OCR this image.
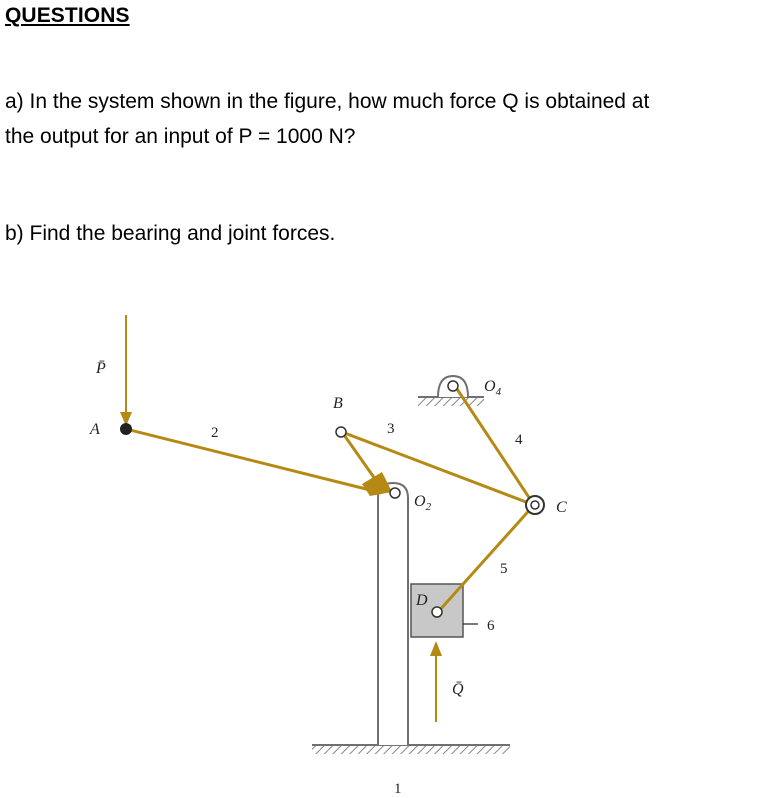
QUESTIONS
a) In the system shown in the figure, how much force Q is obtained at
the output for an input of P = 1000 N?
b) Find the bearing and joint forces.
P̄
A
B
$O_4$
$O_2$	C
D
Q̄
1
2	3
4
5
6
